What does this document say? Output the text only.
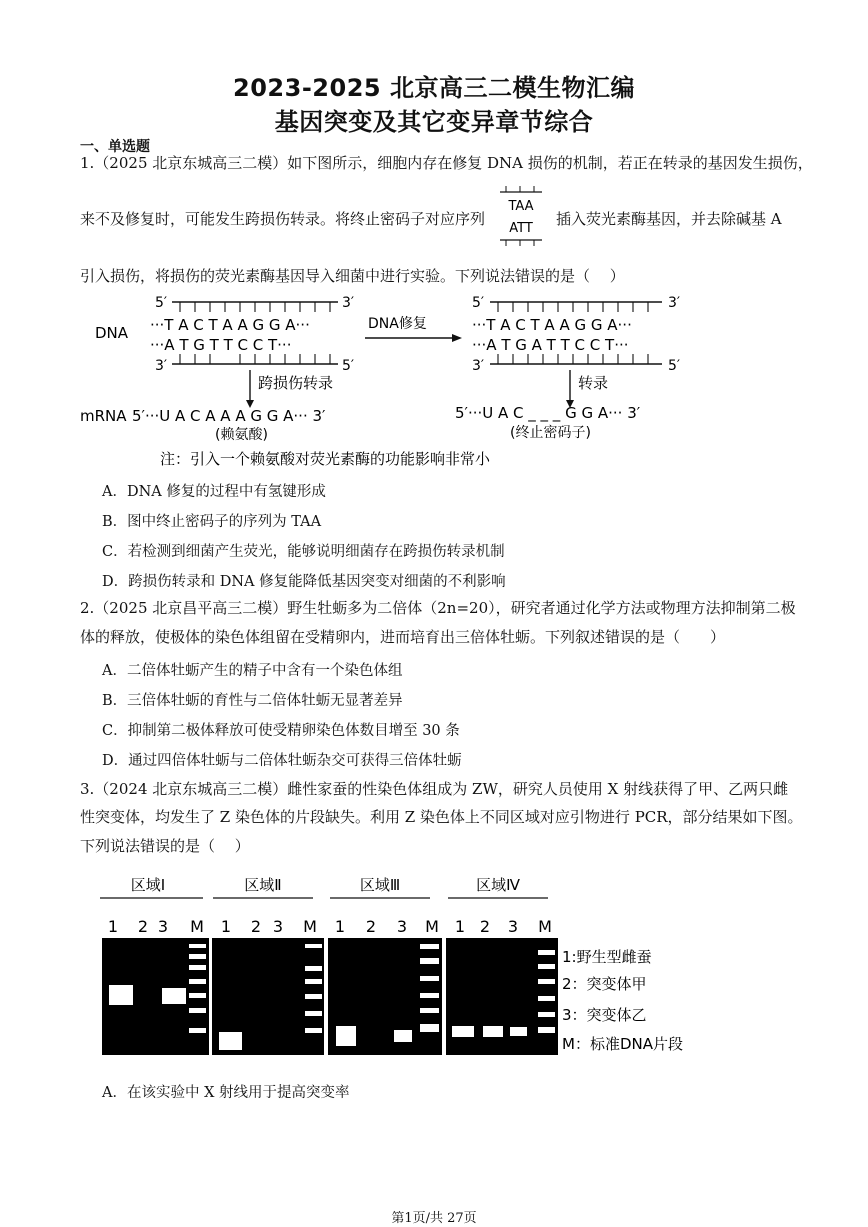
2023-2025 北京高三二模生物汇编
基因突变及其它变异章节综合
一、单选题
1.（2025 北京东城高三二模）如下图所示，细胞内存在修复 DNA 损伤的机制，若正在转录的基因发生损伤，
来不及修复时，可能发生跨损伤转录。将终止密码子对应序列
TAA
ATT
插入荧光素酶基因，并去除碱基 A
引入损伤，将损伤的荧光素酶基因导入细菌中进行实验。下列说法错误的是（　 ）
5′	3′
DNA ···T A C T A A G G A···
···A T G T T C C T···
3′	5′
DNA修复
5′	3′
···T A C T A A G G A···
···A T G A T T C C T···
3′	5′
跨损伤转录	转录
mRNA 5′···U A C A A A G G A··· 3′
(赖氨酸)
5′···U A C _ _ _ G G A··· 3′
(终止密码子)
注：引入一个赖氨酸对荧光素酶的功能影响非常小
A．DNA 修复的过程中有氢键形成
B．图中终止密码子的序列为 TAA
C．若检测到细菌产生荧光，能够说明细菌存在跨损伤转录机制
D．跨损伤转录和 DNA 修复能降低基因突变对细菌的不利影响
2.（2025 北京昌平高三二模）野生牡蛎多为二倍体（2n=20），研究者通过化学方法或物理方法抑制第二极
体的释放，使极体的染色体组留在受精卵内，进而培育出三倍体牡蛎。下列叙述错误的是（　　）
A．二倍体牡蛎产生的精子中含有一个染色体组
B．三倍体牡蛎的育性与二倍体牡蛎无显著差异
C．抑制第二极体释放可使受精卵染色体数目增至 30 条
D．通过四倍体牡蛎与二倍体牡蛎杂交可获得三倍体牡蛎
3.（2024 北京东城高三二模）雌性家蚕的性染色体组成为 ZW，研究人员使用 X 射线获得了甲、乙两只雌
性突变体，均发生了 Z 染色体的片段缺失。利用 Z 染色体上不同区域对应引物进行 PCR，部分结果如下图。
下列说法错误的是（　 ）
区域Ⅰ	区域Ⅱ	区域Ⅲ	区域Ⅳ
1 2 3 M 1 2 3 M 1 2 3 M 1 2 3 M
1:野生型雌蚕
2：突变体甲
3：突变体乙
M：标准DNA片段
A．在该实验中 X 射线用于提高突变率
第1页/共 27页
